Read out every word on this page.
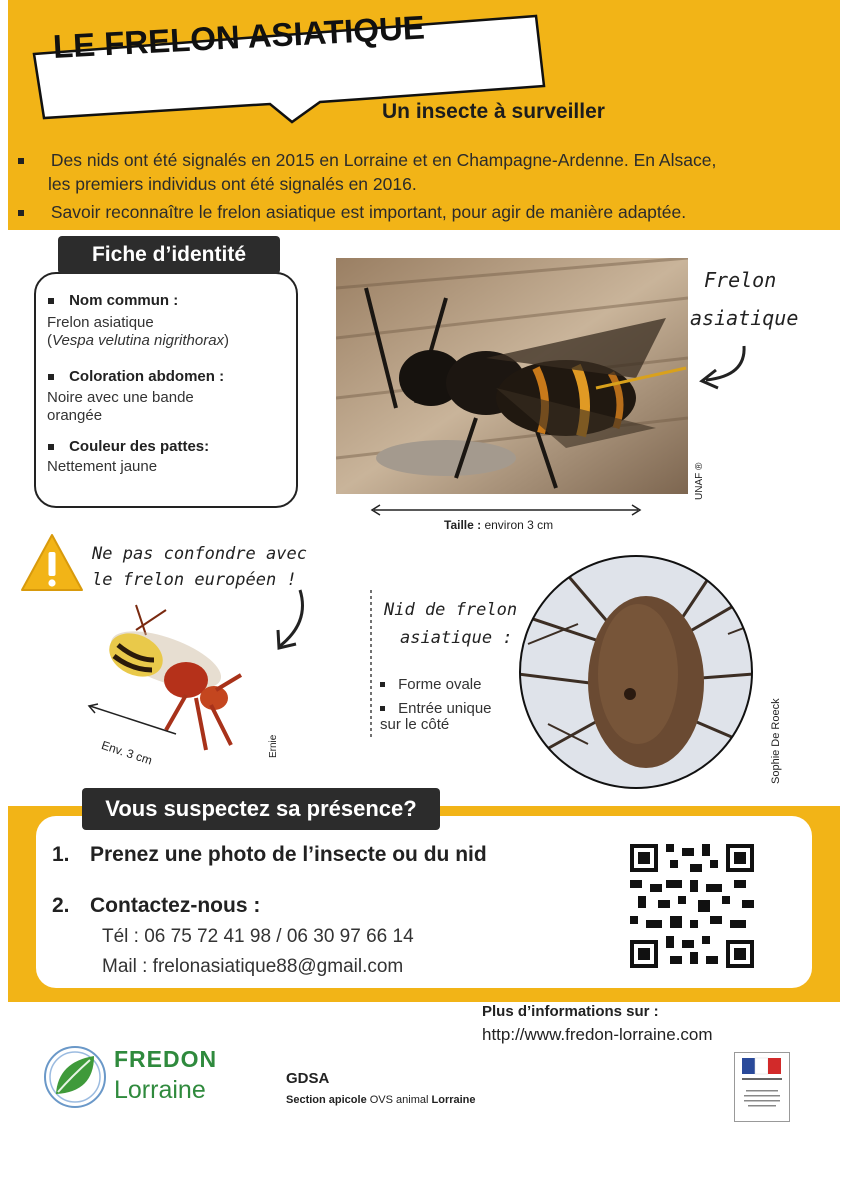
LE FRELON ASIATIQUE
Un insecte à surveiller
Des nids ont été signalés en 2015 en Lorraine et en Champagne-Ardenne. En Alsace,
les premiers individus ont été signalés en 2016.
Savoir reconnaître le frelon asiatique est important, pour agir de manière adaptée.
Fiche d’identité
Nom commun :
Frelon asiatique
(Vespa velutina nigrithorax)
Coloration abdomen :
Noire avec une bande
orangée
Couleur des pattes:
Nettement jaune	UNAF ®
Frelon
asiatique
Taille : environ 3 cm
Ne pas confondre avec
le frelon européen !
Env. 3 cm	Ernie
Nid de frelon
asiatique :
Forme ovale
Entrée unique
sur le côté	Sophie De Roeck
Vous suspectez sa présence?
1. Prenez une photo de l’insecte ou du nid
2. Contactez-nous :
Tél : 06 75 72 41 98 / 06 30 97 66 14
Mail : frelonasiatique88@gmail.com
Plus d’informations sur :
http://www.fredon-lorraine.com
FREDON
Lorraine	GDSA
Section apicole OVS animal Lorraine
